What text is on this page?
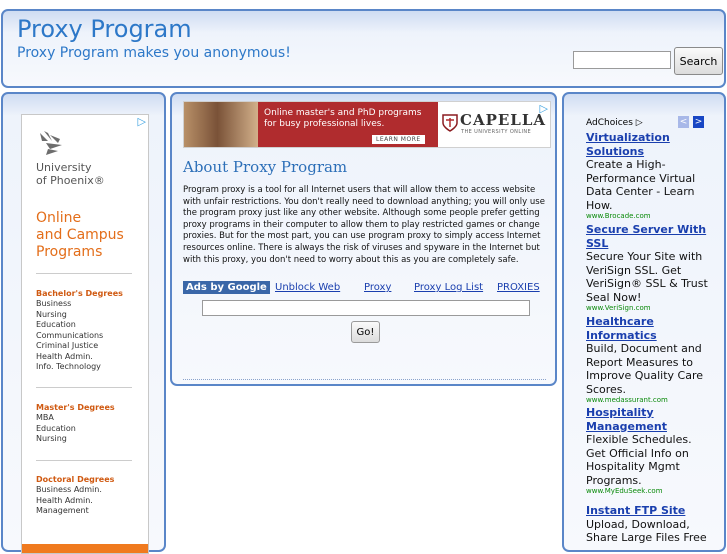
Proxy Program
Proxy Program makes you anonymous!	Search
▷
University
of Phoenix®
Online
and Campus
Programs
Bachelor's Degrees
Business
Nursing
Education
Communications
Criminal Justice
Health Admin.
Info. Technology
Master's Degrees
MBA
Education
Nursing
Doctoral Degrees
Business Admin.
Health Admin.
Management
Online master's and PhD programs
for busy professional lives.
LEARN MORE
CAPELLA
THE UNIVERSITY ONLINE
▷
About Proxy Program

Program proxy is a tool for all Internet users that will allow them to access website with unfair restrictions. You don't really need to download anything; you will only use the program proxy just like any other website. Although some people prefer getting proxy programs in their computer to allow them to play restricted games or change proxies. But for the most part, you can use program proxy to simply access Internet resources online. There is always the risk of viruses and spyware in the Internet but with this proxy, you don't need to worry about this as you are completely safe.

Ads by Google Unblock Web Proxy Proxy Log List PROXIES
Go!
AdChoices ▷	< >
Virtualization Solutions
Create a High-Performance Virtual Data Center - Learn How.
www.Brocade.com
Secure Server With SSL
Secure Your Site with VeriSign SSL. Get VeriSign® SSL & Trust Seal Now!
www.VeriSign.com
Healthcare Informatics
Build, Document and Report Measures to Improve Quality Care Scores.
www.medassurant.com
Hospitality Management
Flexible Schedules. Get Official Info on Hospitality Mgmt Programs.
www.MyEduSeek.com
Instant FTP Site
Upload, Download, Share Large Files Free
